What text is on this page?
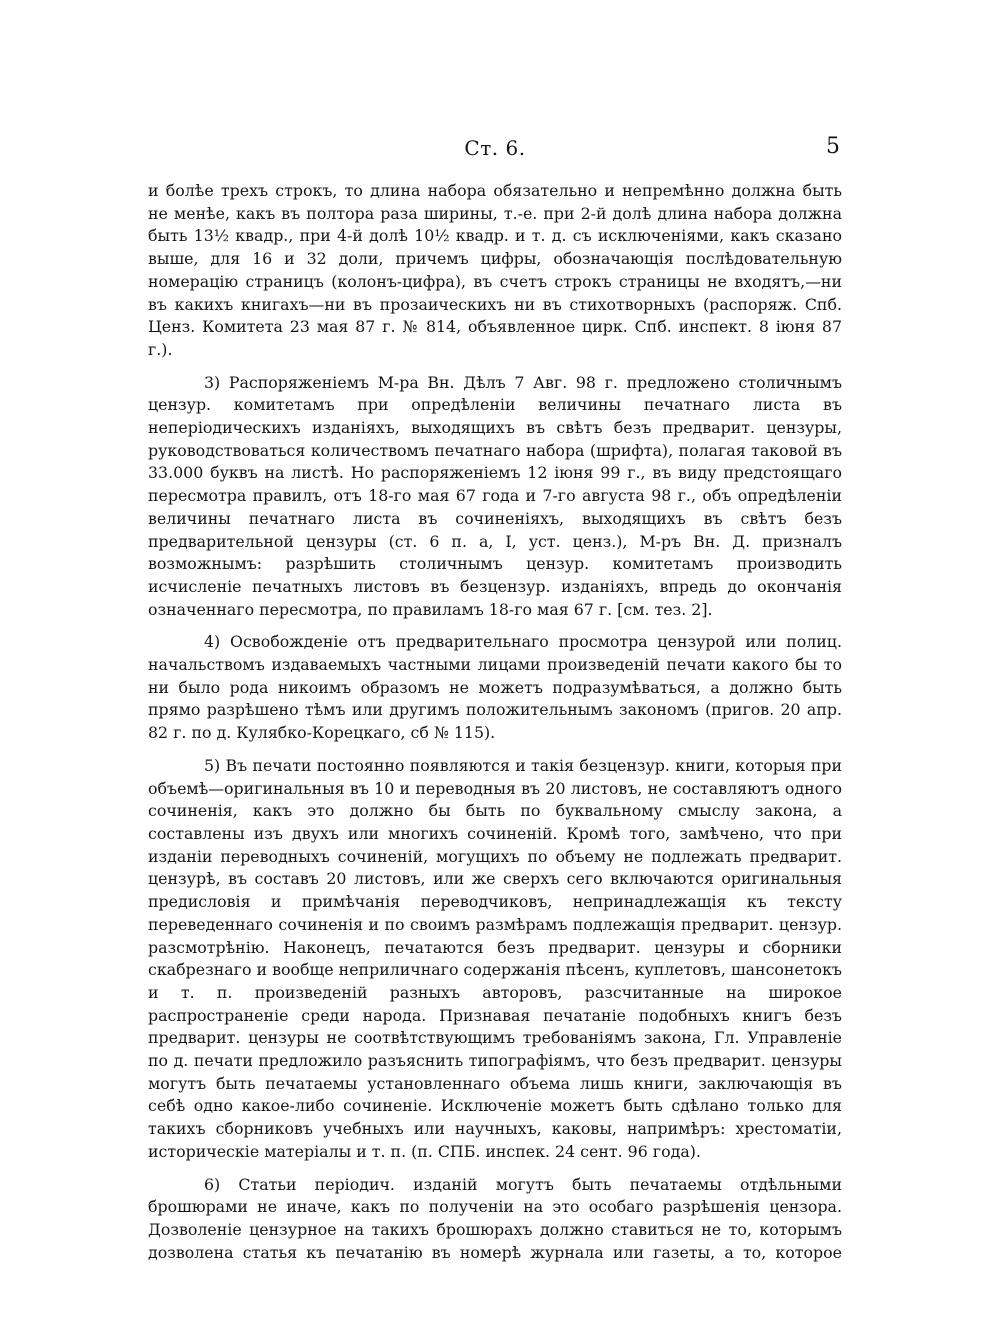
Ст. 6.	5

и болѣе трехъ строкъ, то длина набора обязательно и непремѣнно должна быть не менѣе, какъ въ полтора раза ширины, т.-е. при 2-й долѣ длина набора должна быть 13½ квадр., при 4-й долѣ 10½ квадр. и т. д. съ исключеніями, какъ сказано выше, для 16 и 32 доли, причемъ цифры, обозначающія послѣдовательную номерацію страницъ (колонъ-цифра), въ счетъ строкъ страницы не входятъ,—ни въ какихъ книгахъ—ни въ прозаическихъ ни въ стихотворныхъ (распоряж. Спб. Ценз. Комитета 23 мая 87 г. № 814, объявленное цирк. Спб. инспект. 8 іюня 87 г.).

3) Распоряженіемъ М-ра Вн. Дѣлъ 7 Авг. 98 г. предложено столичнымъ цензур. комитетамъ при опредѣленіи величины печатнаго листа въ неперіодическихъ изданіяхъ, выходящихъ въ свѣтъ безъ предварит. цензуры, руководствоваться количествомъ печатнаго набора (шрифта), полагая таковой въ 33.000 буквъ на листѣ. Но распоряженіемъ 12 іюня 99 г., въ виду предстоящаго пересмотра правилъ, отъ 18-го мая 67 года и 7-го августа 98 г., объ опредѣленіи величины печатнаго листа въ сочиненіяхъ, выходящихъ въ свѣтъ безъ предварительной цензуры (ст. 6 п. а, I, уст. ценз.), М-ръ Вн. Д. призналъ возможнымъ: разрѣшить столичнымъ цензур. комитетамъ производить исчисленіе печатныхъ листовъ въ безцензур. изданіяхъ, впредь до окончанія означеннаго пересмотра, по правиламъ 18-го мая 67 г. [см. тез. 2].

4) Освобожденіе отъ предварительнаго просмотра цензурой или полиц. начальствомъ издаваемыхъ частными лицами произведеній печати какого бы то ни было рода никоимъ образомъ не можетъ подразумѣваться, а должно быть прямо разрѣшено тѣмъ или другимъ положительнымъ закономъ (пригов. 20 апр. 82 г. по д. Кулябко-Корецкаго, сб № 115).

5) Въ печати постоянно появляются и такія безцензур. книги, которыя при объемѣ—оригинальныя въ 10 и переводныя въ 20 листовъ, не составляютъ одного сочиненія, какъ это должно бы быть по буквальному смыслу закона, а составлены изъ двухъ или многихъ сочиненій. Кромѣ того, замѣчено, что при изданіи переводныхъ сочиненій, могущихъ по объему не подлежать предварит. цензурѣ, въ составъ 20 листовъ, или же сверхъ сего включаются оригинальныя предисловія и примѣчанія переводчиковъ, непринадлежащія къ тексту переведеннаго сочиненія и по своимъ размѣрамъ подлежащія предварит. цензур. разсмотрѣнію. Наконецъ, печатаются безъ предварит. цензуры и сборники скабрезнаго и вообще неприличнаго содержанія пѣсенъ, куплетовъ, шансонетокъ и т. п. произведеній разныхъ авторовъ, разсчитанные на широкое распространеніе среди народа. Признавая печатаніе подобныхъ книгъ безъ предварит. цензуры не соотвѣтствующимъ требованіямъ закона, Гл. Управленіе по д. печати предложило разъяснить типографіямъ, что безъ предварит. цензуры могутъ быть печатаемы установленнаго объема лишь книги, заключающія въ себѣ одно какое-либо сочиненіе. Исключеніе можетъ быть сдѣлано только для такихъ сборниковъ учебныхъ или научныхъ, каковы, напримѣръ: хрестоматіи, историческіе матеріалы и т. п. (п. СПБ. инспек. 24 сент. 96 года).

6) Статьи періодич. изданій могутъ быть печатаемы отдѣльными брошюрами не иначе, какъ по полученіи на это особаго разрѣшенія цензора. Дозволеніе цензурное на такихъ брошюрахъ должно ставиться не то, которымъ дозволена статья къ печатанію въ номерѣ журнала или газеты, а то, которое
